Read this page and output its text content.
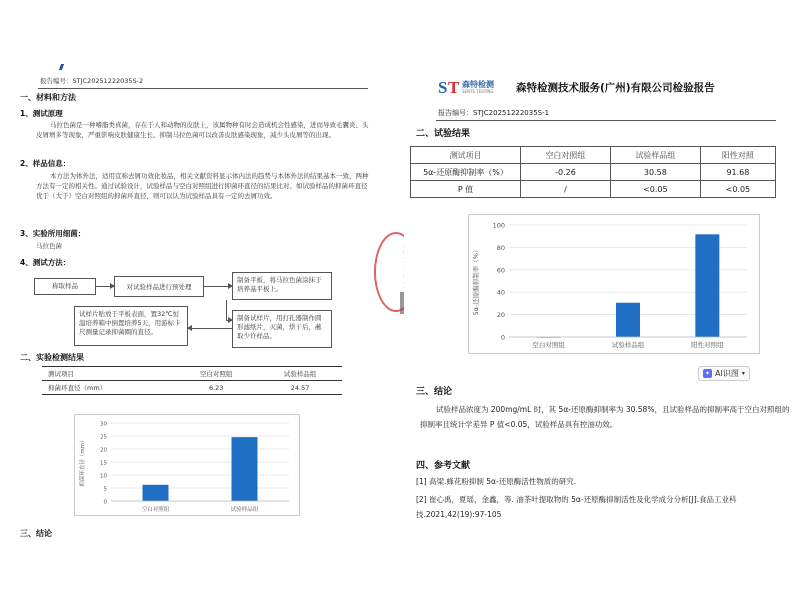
报告编号：STJC20251222035S-2
一、材料和方法
1、测试原理
马拉色菌是一种嗜脂类真菌，存在于人和动物的皮肤上，该属物种有时会造成机会性感染，进而导致毛囊炎、头皮屑增多等现象，严重影响皮肤健康生长。抑制马拉色菌可以改善皮肤感染现象，减少头皮屑等的出现。
2、样品信息：
本方法为体外法，适用宣称去屑功效化妆品，相关文献资料显示体内法的趋势与本体外法的结果基本一致，两种方法有一定的相关性。通过试验设计，试验样品与空白对照组进行抑菌环直径的结果比对。如试验样品的抑菌环直径优于（大于）空白对照组的抑菌环直径，则可以认为试验样品具有一定的去屑功效。
3、实验所用细菌：
马拉色菌
4、测试方法：
称取样品	对试验样品进行预处理
制备平板，将马拉色菌涂抹于培养基平板上。
制备试样片，用打孔器制作圆形滤纸片，灭菌，烘干后，蘸取少许样品。
试样片贴放于平板表面，置32℃恒温培养箱中倒置培养5天，用游标卡尺测量记录抑菌圈的直径。
二、实验检测结果
测试项目	空白对照组	试验样品组
抑菌环直径（mm）	6.23	24.57
0
5
10
15
20
25
30
空白对照组	试验样品组
抑菌环直径（mm）
三、结论
S T 森特检测
SENTE TESTING 森特检测技术服务(广州)有限公司检验报告
报告编号：STJC20251222035S-1
二、试验结果
测试项目	空白对照组	试验样品组	阳性对照
5α-还原酶抑制率（%）	-0.26	30.58	91.68
P 值	/	<0.05	<0.05
0
20
40
60
80
100
空白对照组	试验样品组	阳性对照组
5α-还原酶抑制率（%）
✦ AI识图 ▾
三、结论
试验样品浓度为 200mg/mL 时，其 5α-还原酶抑制率为 30.58%，且试验样品的抑制率高于空白对照组的抑制率且统计学差异 P 值<0.05，试验样品具有控油功效。
四、参考文献
[1] 高梁.蜂花粉抑制 5α-还原酶活性物质的研究.
[2] 崔心禹，夏瑶，金鑫，等. 油茶叶提取物的 5α-还原酶抑制活性及化学成分分析[J].食品工业科技.2021,42(19):97-105
